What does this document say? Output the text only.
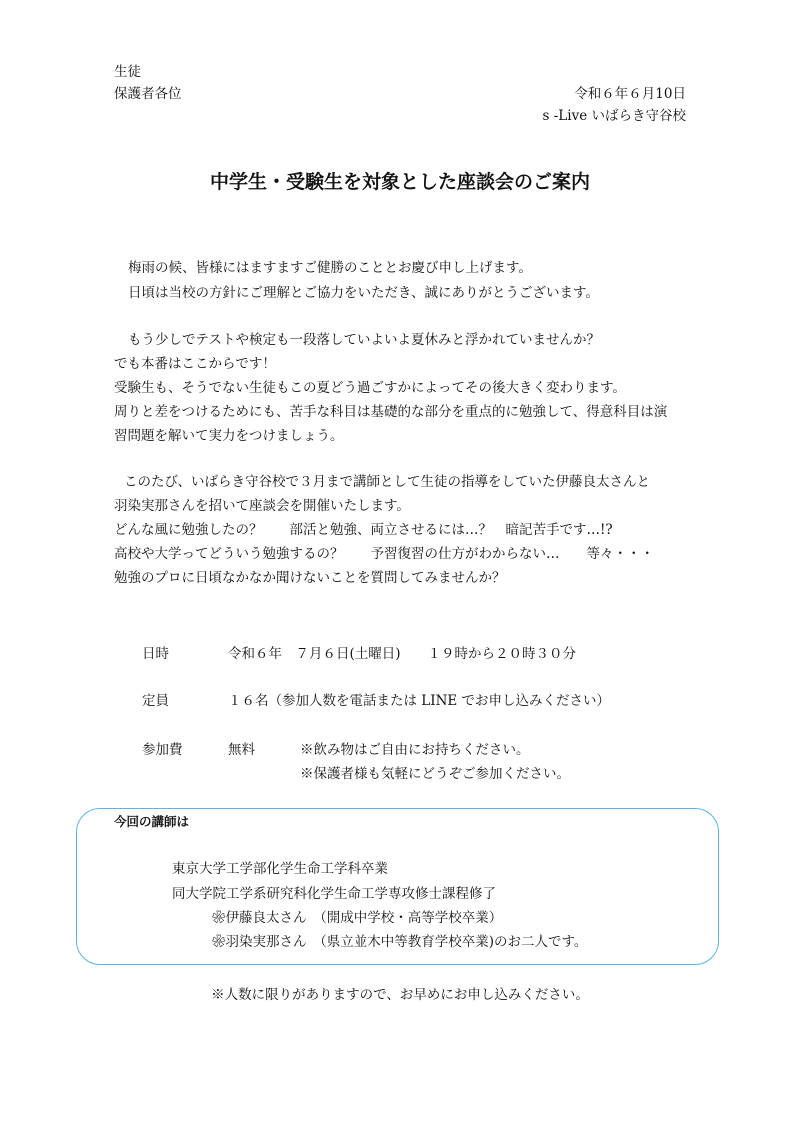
生徒
保護者各位	令和６年６月10日
s -Live いばらき守谷校
中学生・受験生を対象とした座談会のご案内
梅雨の候、皆様にはますますご健勝のこととお慶び申し上げます。
日頃は当校の方針にご理解とご協力をいただき、誠にありがとうございます。
もう少しでテストや検定も一段落していよいよ夏休みと浮かれていませんか？
でも本番はここからです！
受験生も、そうでない生徒もこの夏どう過ごすかによってその後大きく変わります。
周りと差をつけるためにも、苦手な科目は基礎的な部分を重点的に勉強して、得意科目は演
習問題を解いて実力をつけましょう。
このたび、いばらき守谷校で３月まで講師として生徒の指導をしていた伊藤良太さんと
羽染実那さんを招いて座談会を開催いたします。
どんな風に勉強したの？　　部活と勉強、両立させるには…？　暗記苦手です…!?
高校や大学ってどういう勉強するの？　　予習復習の仕方がわからない…　　等々・・・
勉強のプロに日頃なかなか聞けないことを質問してみませんか？
日時	令和６年　７月６日(土曜日)　　１９時から２０時３０分
定員	１６名（参加人数を電話または LINE でお申し込みください）
参加費	無料	※飲み物はご自由にお持ちください。
※保護者様も気軽にどうぞご参加ください。
今回の講師は
東京大学工学部化学生命工学科卒業
同大学院工学系研究科化学生命工学専攻修士課程修了
❀伊藤良太さん　（開成中学校・高等学校卒業）
❀羽染実那さん　（県立並木中等教育学校卒業)のお二人です。
※人数に限りがありますので、お早めにお申し込みください。
